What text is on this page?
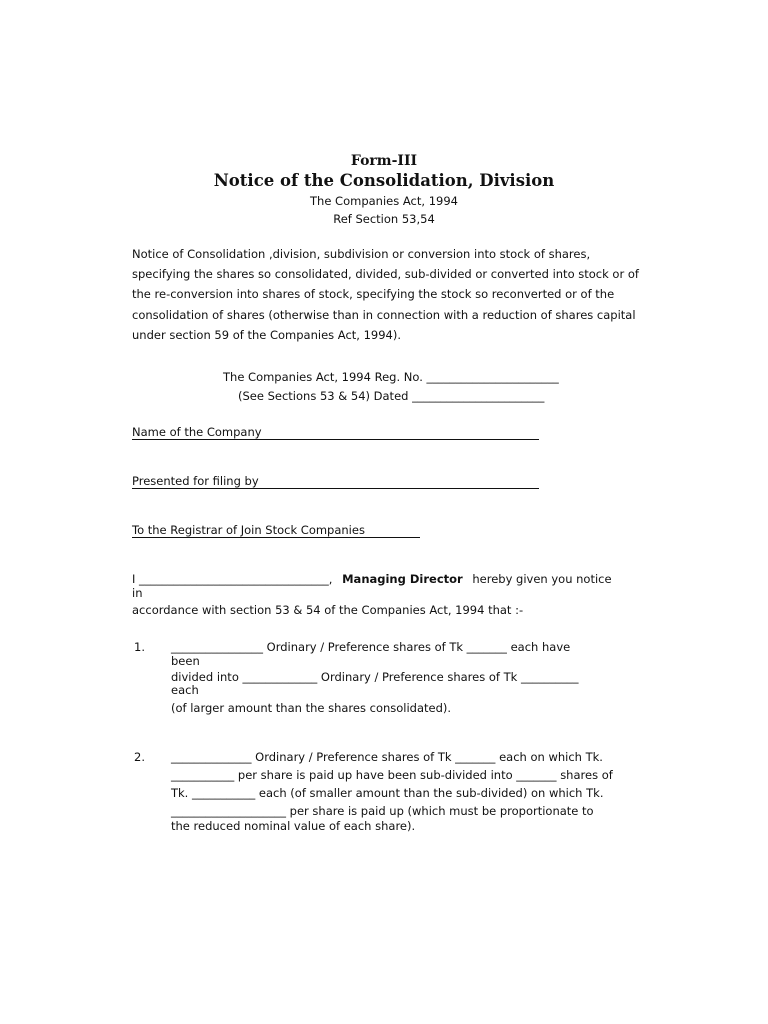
Form-III
Notice of the Consolidation, Division
The Companies Act, 1994
Ref Section 53,54

Notice of Consolidation ,division, subdivision or conversion into stock of shares,

specifying the shares so consolidated, divided, sub-divided or converted into stock or of

the re-conversion into shares of stock, specifying the stock so reconverted or of the

consolidation of shares (otherwise than in connection with a reduction of shares capital

under section 59 of the Companies Act, 1994).

The Companies Act, 1994 Reg. No. _______________________
(See Sections 53 & 54) Dated _______________________
Name of the Company
Presented for filing by
To the Registrar of Join Stock Companies
I _________________________________, Managing Director hereby given you notice
in
accordance with section 53 & 54 of the Companies Act, 1994 that :-
1. ________________ Ordinary / Preference shares of Tk _______ each have
been
divided into _____________ Ordinary / Preference shares of Tk __________
each
(of larger amount than the shares consolidated).
2. ______________ Ordinary / Preference shares of Tk _______ each on which Tk.
___________ per share is paid up have been sub-divided into _______ shares of
Tk. ___________ each (of smaller amount than the sub-divided) on which Tk.
____________________ per share is paid up (which must be proportionate to
the reduced nominal value of each share).
